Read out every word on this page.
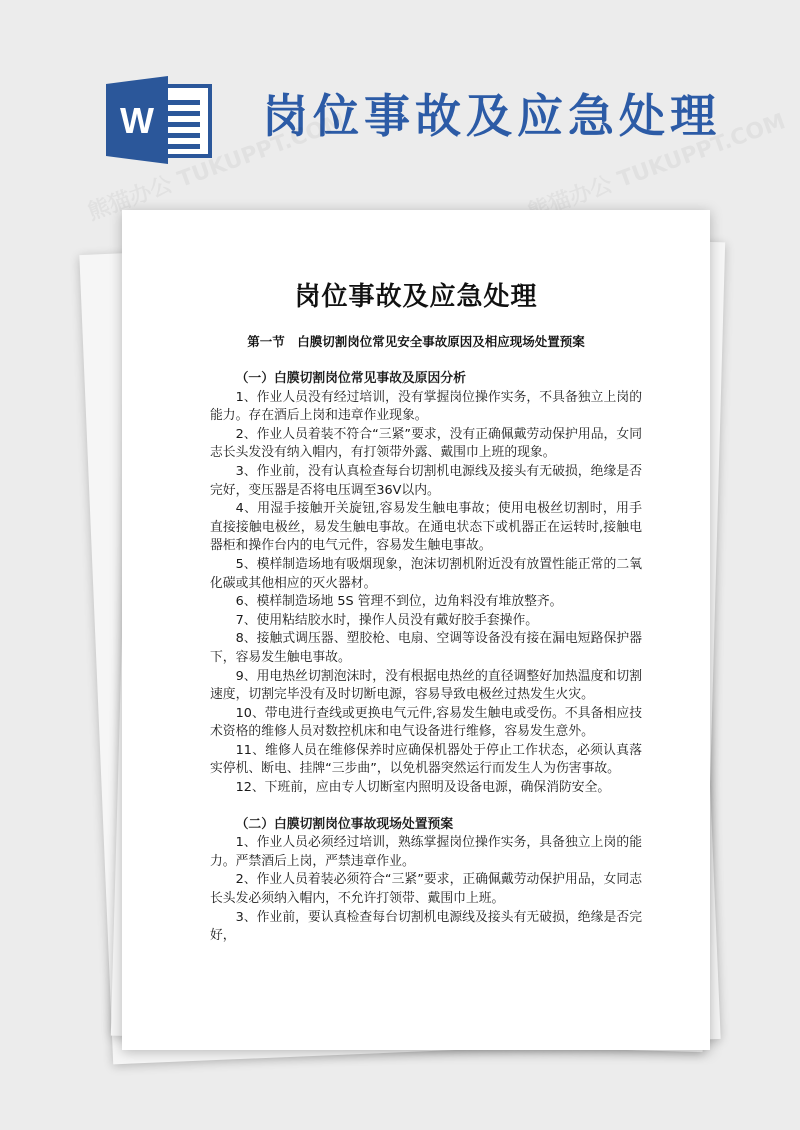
W 岗位事故及应急处理
岗位事故及应急处理
第一节　白膜切割岗位常见安全事故原因及相应现场处置预案
（一）白膜切割岗位常见事故及原因分析

1、作业人员没有经过培训，没有掌握岗位操作实务，不具备独立上岗的能力。存在酒后上岗和违章作业现象。

2、作业人员着装不符合“三紧”要求，没有正确佩戴劳动保护用品，女同志长头发没有纳入帽内，有打领带外露、戴围巾上班的现象。

3、作业前，没有认真检查每台切割机电源线及接头有无破损，绝缘是否完好，变压器是否将电压调至36V以内。

4、用湿手接触开关旋钮,容易发生触电事故；使用电极丝切割时，用手直接接触电极丝，易发生触电事故。在通电状态下或机器正在运转时,接触电器柜和操作台内的电气元件，容易发生触电事故。

5、模样制造场地有吸烟现象，泡沫切割机附近没有放置性能正常的二氧化碳或其他相应的灭火器材。

6、模样制造场地 5S 管理不到位，边角料没有堆放整齐。

7、使用粘结胶水时，操作人员没有戴好胶手套操作。

8、接触式调压器、塑胶枪、电扇、空调等设备没有接在漏电短路保护器下，容易发生触电事故。

9、用电热丝切割泡沫时，没有根据电热丝的直径调整好加热温度和切割速度，切割完毕没有及时切断电源，容易导致电极丝过热发生火灾。

10、带电进行查线或更换电气元件,容易发生触电或受伤。不具备相应技术资格的维修人员对数控机床和电气设备进行维修，容易发生意外。

11、维修人员在维修保养时应确保机器处于停止工作状态，必须认真落实停机、断电、挂牌“三步曲”，以免机器突然运行而发生人为伤害事故。

12、下班前，应由专人切断室内照明及设备电源，确保消防安全。

（二）白膜切割岗位事故现场处置预案

1、作业人员必须经过培训，熟练掌握岗位操作实务，具备独立上岗的能力。严禁酒后上岗，严禁违章作业。

2、作业人员着装必须符合“三紧”要求，正确佩戴劳动保护用品，女同志长头发必须纳入帽内，不允许打领带、戴围巾上班。

3、作业前，要认真检查每台切割机电源线及接头有无破损，绝缘是否完好，
